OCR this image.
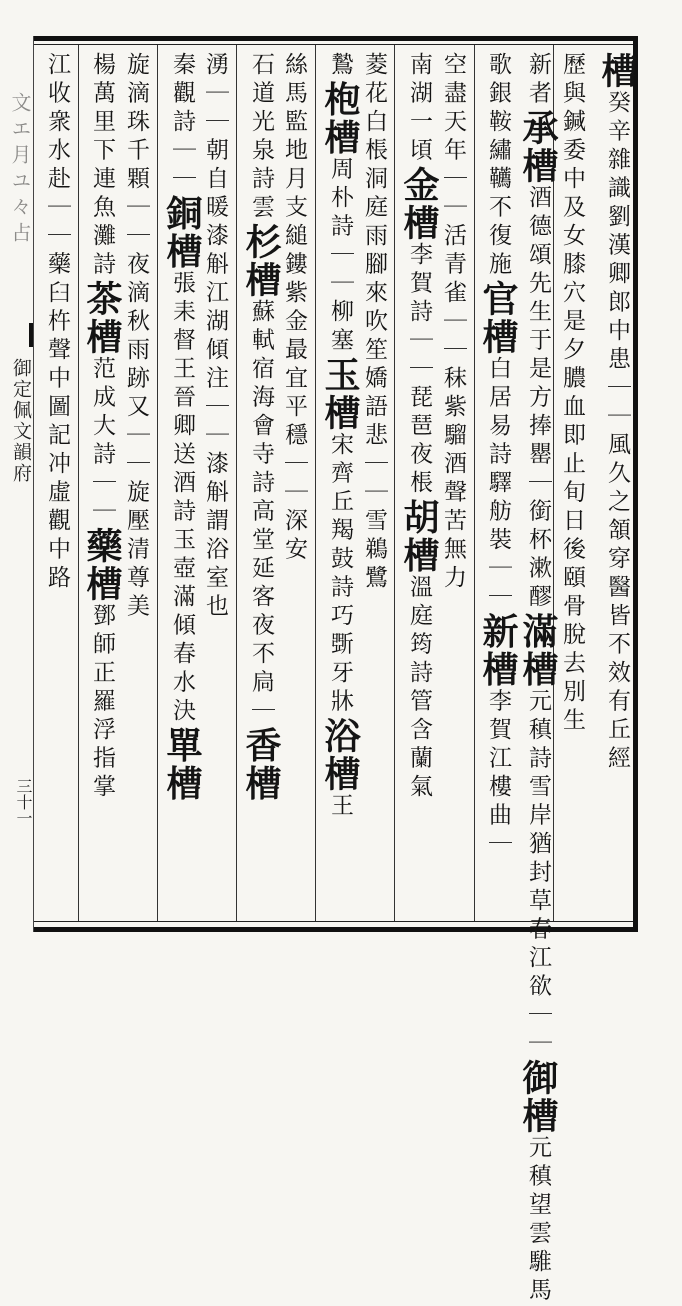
文エ月ユ々占
御定佩文韻府
三十一
槽癸辛雜識劉漢卿郎中患｜｜風久之頷穿醫皆不效有丘經
歷與鍼委中及女膝穴是夕膿血即止旬日後頤骨脫去別生
新者承槽酒德頌先生于是方捧罌｜銜杯漱醪滿槽元稹詩雪岸猶封草春江欲｜｜御槽元稹望雲騅馬
歌銀鞍繡韉不復施官槽白居易詩驛舫裝｜｜新槽李賀江樓曲｜
空盡天年｜｜活青雀｜｜秣紫騮酒聲苦無力
南湖一頃金槽李賀詩｜｜琵琶夜棖胡槽溫庭筠詩管含蘭氣
菱花白棖洞庭雨腳來吹笙嬌語悲｜｜雪鵜鷺
鷙枹槽周朴詩｜｜柳塞玉槽宋齊丘羯鼓詩巧斲牙牀浴槽王
絲馬監地月支縋鏤紫金最宜平穩｜｜深安
石道光泉詩雲杉槽蘇軾宿海會寺詩高堂延客夜不扃｜香槽
湧｜｜朝自暖漆斛江湖傾注｜｜漆斛謂浴室也
秦觀詩｜｜銅槽張耒督王晉卿送酒詩玉壺滿傾春水決單槽
旋滴珠千顆｜｜夜滴秋雨跡又｜｜旋壓清尊美
楊萬里下連魚灘詩茶槽范成大詩｜｜藥槽鄧師正羅浮指掌
江收衆水赴｜｜藥臼杵聲中圖記冲虛觀中路
